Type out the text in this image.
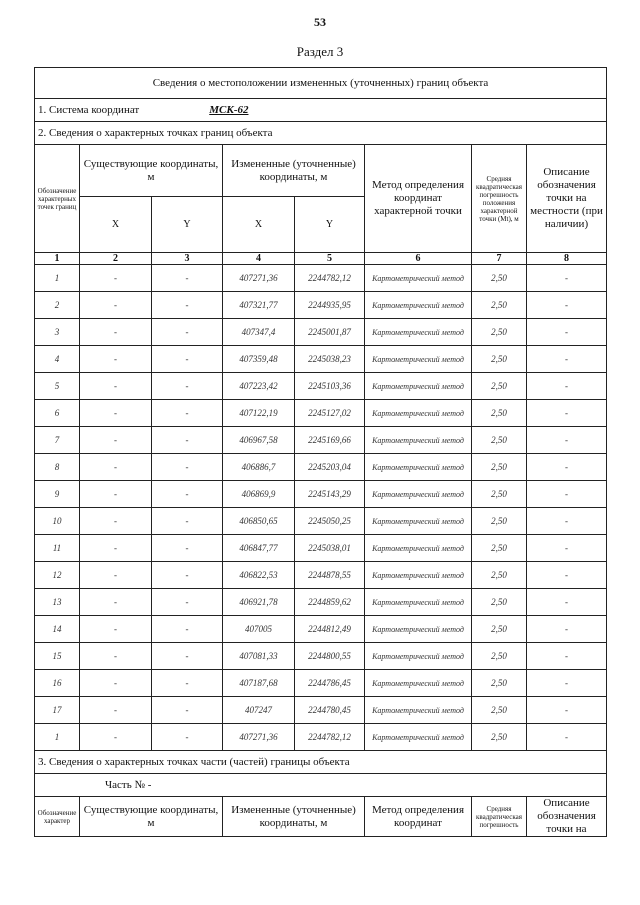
53
Раздел 3
Сведения о местоположении измененных (уточненных) границ объекта							
1. Система координат МСК-62							
2. Сведения о характерных точках границ объекта							
Обозначение характерных точек границ	Существующие координаты, м		Измененные (уточненные) координаты, м		Метод определения координат характерной точки	Средняя квадратическая погрешность положения характерной точки (Mt), м	Описание обозначения точки на местности (при наличии)
	X	Y	X	Y			
1	2	3	4	5	6	7	8
1	-	-	407271,36	2244782,12	Картометрический метод	2,50	-
2	-	-	407321,77	2244935,95	Картометрический метод	2,50	-
3	-	-	407347,4	2245001,87	Картометрический метод	2,50	-
4	-	-	407359,48	2245038,23	Картометрический метод	2,50	-
5	-	-	407223,42	2245103,36	Картометрический метод	2,50	-
6	-	-	407122,19	2245127,02	Картометрический метод	2,50	-
7	-	-	406967,58	2245169,66	Картометрический метод	2,50	-
8	-	-	406886,7	2245203,04	Картометрический метод	2,50	-
9	-	-	406869,9	2245143,29	Картометрический метод	2,50	-
10	-	-	406850,65	2245050,25	Картометрический метод	2,50	-
11	-	-	406847,77	2245038,01	Картометрический метод	2,50	-
12	-	-	406822,53	2244878,55	Картометрический метод	2,50	-
13	-	-	406921,78	2244859,62	Картометрический метод	2,50	-
14	-	-	407005	2244812,49	Картометрический метод	2,50	-
15	-	-	407081,33	2244800,55	Картометрический метод	2,50	-
16	-	-	407187,68	2244786,45	Картометрический метод	2,50	-
17	-	-	407247	2244780,45	Картометрический метод	2,50	-
1	-	-	407271,36	2244782,12	Картометрический метод	2,50	-
3. Сведения о характерных точках части (частей) границы объекта							
Часть № -							
Обозначение характер	Существующие координаты, м		Измененные (уточненные) координаты, м		Метод определения координат	Средняя квадратическая погрешность	Описание обозначения точки на
